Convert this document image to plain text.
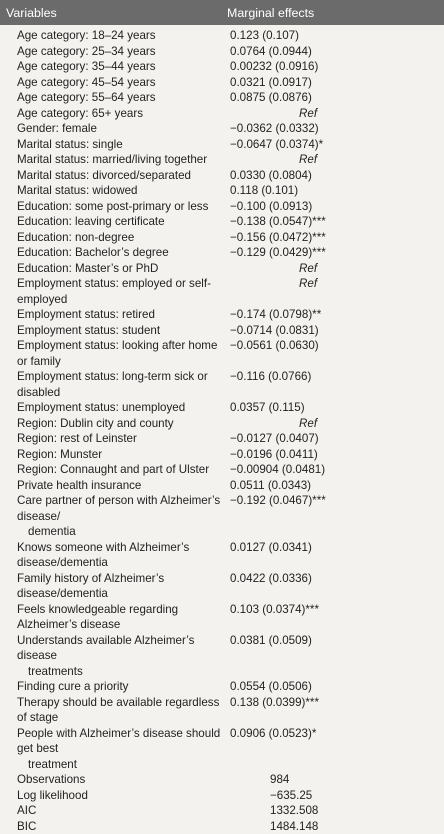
Variables	Marginal effects
Age category: 18–24 years	0.123 (0.107)
Age category: 25–34 years	0.0764 (0.0944)
Age category: 35–44 years	0.00232 (0.0916)
Age category: 45–54 years	0.0321 (0.0917)
Age category: 55–64 years	0.0875 (0.0876)
Age category: 65+ years	Ref
Gender: female	−0.0362 (0.0332)
Marital status: single	−0.0647 (0.0374)*
Marital status: married/living together	Ref
Marital status: divorced/separated	0.0330 (0.0804)
Marital status: widowed	0.118 (0.101)
Education: some post-primary or less	−0.100 (0.0913)
Education: leaving certificate	−0.138 (0.0547)***
Education: non-degree	−0.156 (0.0472)***
Education: Bachelor’s degree	−0.129 (0.0429)***
Education: Master’s or PhD	Ref
Employment status: employed or self-employed	Ref
Employment status: retired	−0.174 (0.0798)**
Employment status: student	−0.0714 (0.0831)
Employment status: looking after home or family	−0.0561 (0.0630)
Employment status: long-term sick or disabled	−0.116 (0.0766)
Employment status: unemployed	0.0357 (0.115)
Region: Dublin city and county	Ref
Region: rest of Leinster	−0.0127 (0.0407)
Region: Munster	−0.0196 (0.0411)
Region: Connaught and part of Ulster	−0.00904 (0.0481)
Private health insurance	0.0511 (0.0343)
Care partner of person with Alzheimer’s disease/
dementia	−0.192 (0.0467)***
Knows someone with Alzheimer’s disease/dementia	0.0127 (0.0341)
Family history of Alzheimer’s disease/dementia	0.0422 (0.0336)
Feels knowledgeable regarding Alzheimer’s disease	0.103 (0.0374)***
Understands available Alzheimer’s disease
treatments	0.0381 (0.0509)
Finding cure a priority	0.0554 (0.0506)
Therapy should be available regardless of stage	0.138 (0.0399)***
People with Alzheimer’s disease should get best
treatment	0.0906 (0.0523)*
Observations	984
Log likelihood	−635.25
AIC	1332.508
BIC	1484.148
